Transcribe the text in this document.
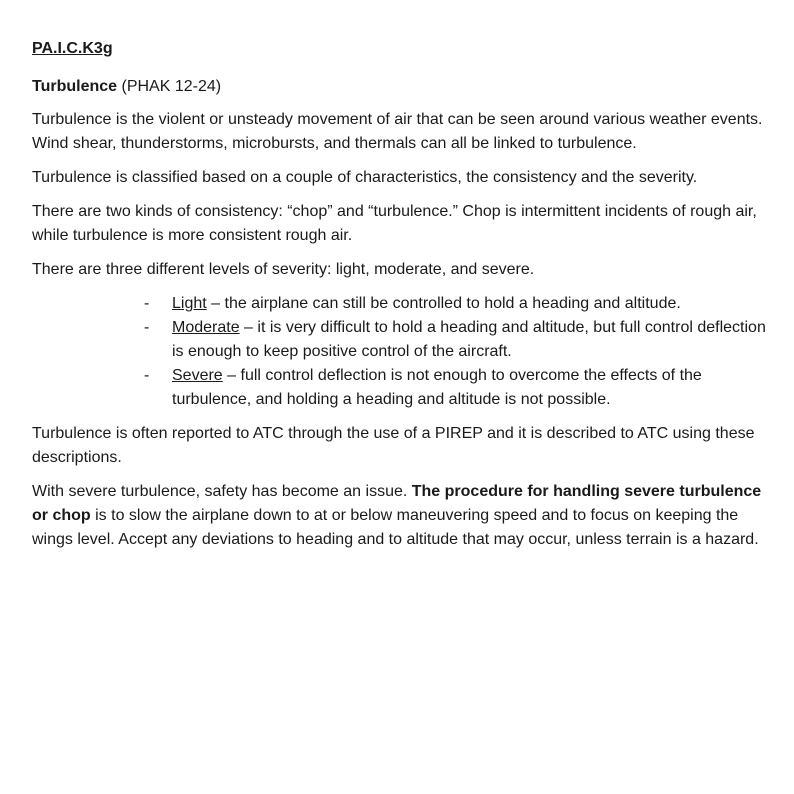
PA.I.C.K3g
Turbulence (PHAK 12-24)

Turbulence is the violent or unsteady movement of air that can be seen around various weather events. Wind shear, thunderstorms, microbursts, and thermals can all be linked to turbulence.

Turbulence is classified based on a couple of characteristics, the consistency and the severity.

There are two kinds of consistency: “chop” and “turbulence.” Chop is intermittent incidents of rough air, while turbulence is more consistent rough air.

There are three different levels of severity: light, moderate, and severe.

- Light – the airplane can still be controlled to hold a heading and altitude.
- Moderate – it is very difficult to hold a heading and altitude, but full control deflection is enough to keep positive control of the aircraft.
- Severe – full control deflection is not enough to overcome the effects of the turbulence, and holding a heading and altitude is not possible.

Turbulence is often reported to ATC through the use of a PIREP and it is described to ATC using these descriptions.

With severe turbulence, safety has become an issue. The procedure for handling severe turbulence or chop is to slow the airplane down to at or below maneuvering speed and to focus on keeping the wings level. Accept any deviations to heading and to altitude that may occur, unless terrain is a hazard.
